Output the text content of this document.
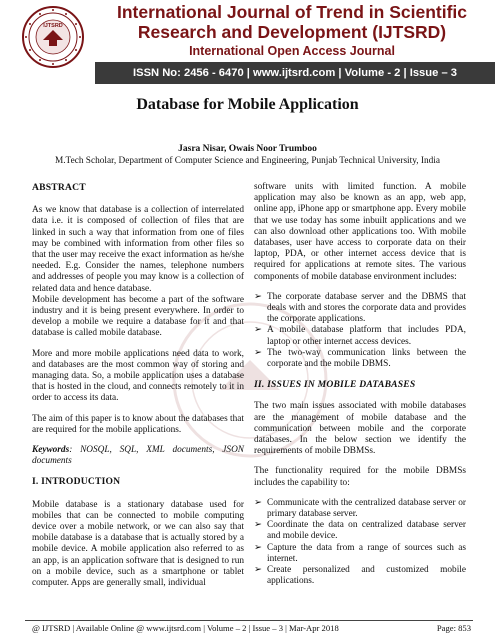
IJTSRD
International Journal of Trend in Scientific Research and Development (IJTSRD)
International Open Access Journal
ISSN No: 2456 - 6470 | www.ijtsrd.com | Volume - 2 | Issue – 3
Database for Mobile Application
Jasra Nisar, Owais Noor Trumboo
M.Tech Scholar, Department of Computer Science and Engineering, Punjab Technical University, India
ABSTRACT

As we know that database is a collection of interrelated data i.e. it is composed of collection of files that are linked in such a way that information from one of files may be combined with information from other files so that the user may receive the exact information as he/she needed. E.g. Consider the names, telephone numbers and addresses of people you may know is a collection of related data and hence database.

Mobile development has become a part of the software industry and it is being present everywhere. In order to develop a mobile we require a database for it and that database is called mobile database.

More and more mobile applications need data to work, and databases are the most common way of storing and managing data. So, a mobile application uses a database that is hosted in the cloud, and connects remotely to it in order to access its data.

The aim of this paper is to know about the databases that are required for the mobile applications.

Keywords: NOSQL, SQL, XML documents, JSON documents

I. INTRODUCTION

Mobile database is a stationary database used for mobiles that can be connected to mobile computing device over a mobile network, or we can also say that mobile database is a database that is actually stored by a mobile device. A mobile application also referred to as an app, is an application software that is designed to run on a mobile device, such as a smartphone or tablet computer. Apps are generally small, individual

software units with limited function. A mobile application may also be known as an app, web app, online app, iPhone app or smartphone app. Every mobile that we use today has some inbuilt applications and we can also download other applications too. With mobile databases, user have access to corporate data on their laptop, PDA, or other internet access device that is required for applications at remote sites. The various components of mobile database environment includes:

➢ The corporate database server and the DBMS that deals with and stores the corporate data and provides the corporate applications.
➢ A mobile database platform that includes PDA, laptop or other internet access devices.
➢ The two-way communication links between the corporate and the mobile DBMS.
II. ISSUES IN MOBILE DATABASES

The two main issues associated with mobile databases are the management of mobile database and the communication between mobile and the corporate databases. In the below section we identify the requirements of mobile DBMSs.

The functionality required for the mobile DBMSs includes the capability to:

➢ Communicate with the centralized database server or primary database server.
➢ Coordinate the data on centralized database server and mobile device.
➢ Capture the data from a range of sources such as internet.
➢ Create personalized and customized mobile applications.
@ IJTSRD | Available Online @ www.ijtsrd.com | Volume – 2 | Issue – 3 | Mar-Apr 2018	Page: 853
